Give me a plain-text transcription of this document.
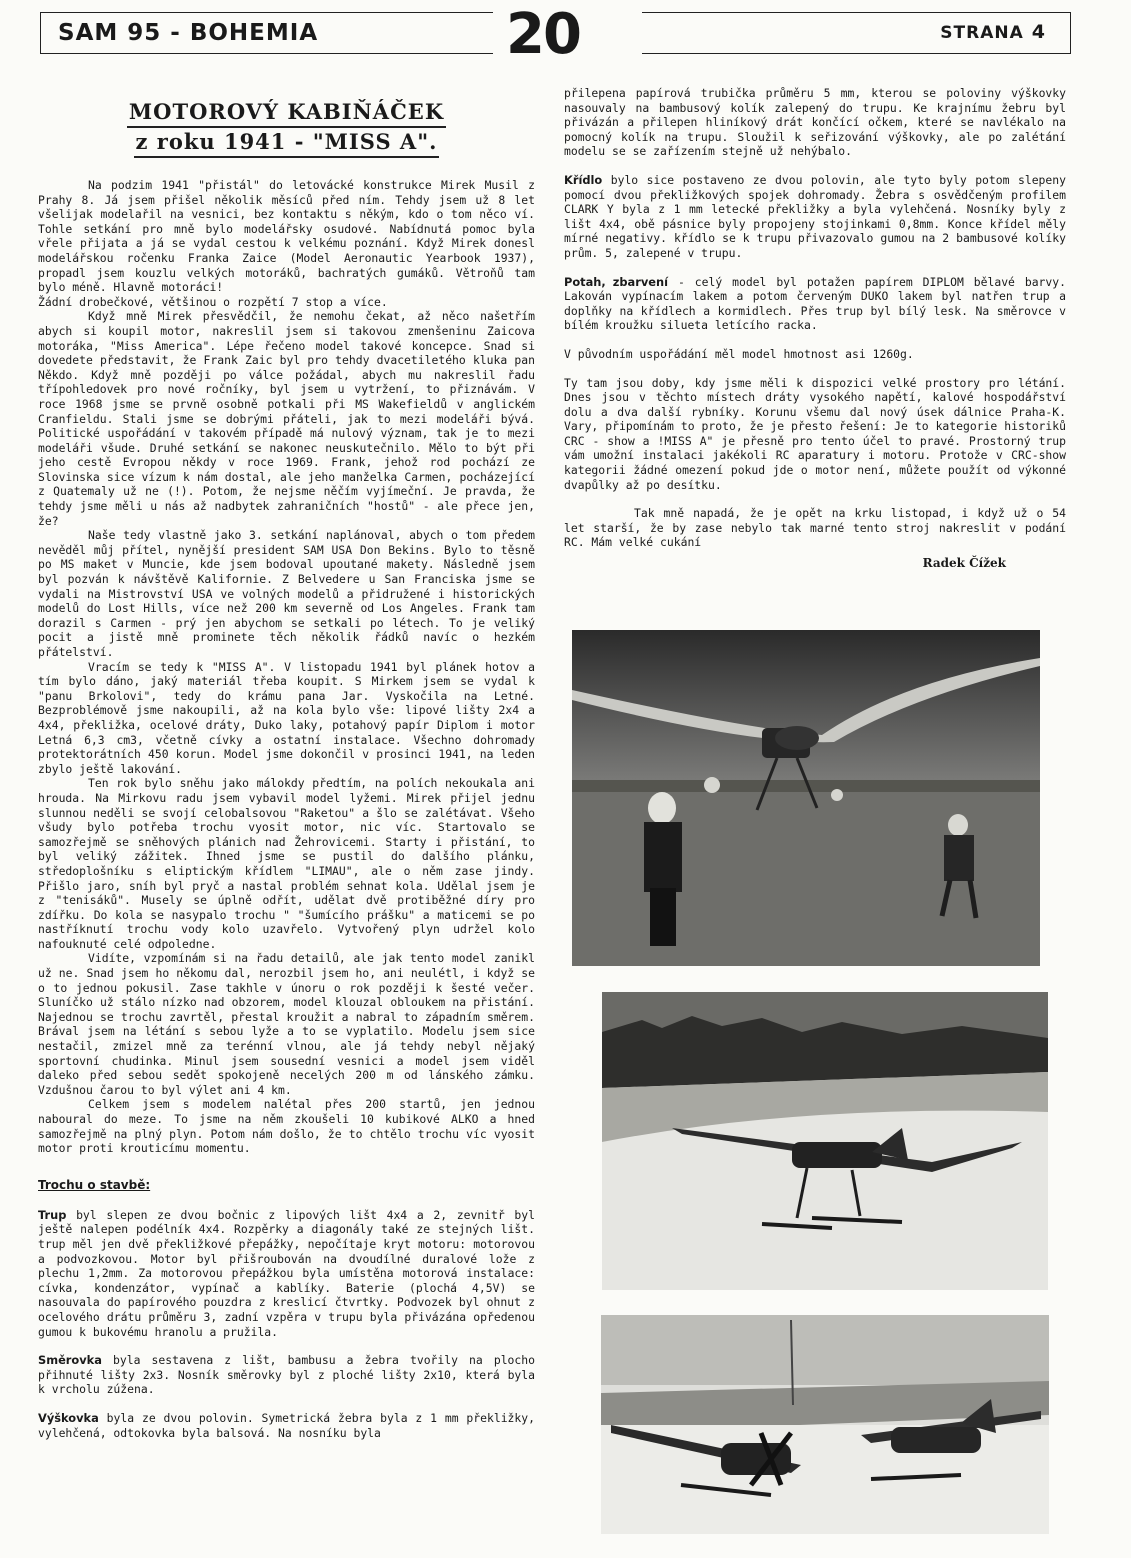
SAM 95 - BOHEMIA	20	STRANA 4
MOTOROVÝ KABIŇÁČEK
z roku 1941 - "MISS A".

Na podzim 1941 "přistál" do letovácké konstrukce Mirek Musil z Prahy 8. Já jsem přišel několik měsíců před ním. Tehdy jsem už 8 let všelijak modelařil na vesnici, bez kontaktu s někým, kdo o tom něco ví. Tohle setkání pro mně bylo modelářsky osudové. Nabídnutá pomoc byla vřele přijata a já se vydal cestou k velkému poznání. Když Mirek donesl modelářskou ročenku Franka Zaice (Model Aeronautic Yearbook 1937), propadl jsem kouzlu velkých motoráků, bachratých gumáků. Větroňů tam bylo méně. Hlavně motoráci!

Žádní drobečkové, většinou o rozpětí 7 stop a více.

Když mně Mirek přesvědčil, že nemohu čekat, až něco našetřím abych si koupil motor, nakreslil jsem si takovou zmenšeninu Zaicova motoráka, "Miss America". Lépe řečeno model takové koncepce. Snad si dovedete představit, že Frank Zaic byl pro tehdy dvacetiletého kluka pan Někdo. Když mně později po válce požádal, abych mu nakreslil řadu třípohledovek pro nové ročníky, byl jsem u vytržení, to přiznávám. V roce 1968 jsme se prvně osobně potkali při MS Wakefieldů v anglickém Cranfieldu. Stali jsme se dobrými přáteli, jak to mezi modeláři bývá. Politické uspořádání v takovém případě má nulový význam, tak je to mezi modeláři všude. Druhé setkání se nakonec neuskutečnilo. Mělo to být při jeho cestě Evropou někdy v roce 1969. Frank, jehož rod pochází ze Slovinska sice vízum k nám dostal, ale jeho manželka Carmen, pocházející z Quatemaly už ne (!). Potom, že nejsme něčím vyjímeční. Je pravda, že tehdy jsme měli u nás až nadbytek zahraničních "hostů" - ale přece jen, že?

Naše tedy vlastně jako 3. setkání naplánoval, abych o tom předem nevěděl můj přítel, nynější president SAM USA Don Bekins. Bylo to těsně po MS maket v Muncie, kde jsem bodoval upoutané makety. Následně jsem byl pozván k návštěvě Kalifornie. Z Belvedere u San Franciska jsme se vydali na Mistrovství USA ve volných modelů a přidružené i historických modelů do Lost Hills, více než 200 km severně od Los Angeles. Frank tam dorazil s Carmen - prý jen abychom se setkali po létech. To je veliký pocit a jistě mně prominete těch několik řádků navíc o hezkém přátelství.

Vracím se tedy k "MISS A". V listopadu 1941 byl plánek hotov a tím bylo dáno, jaký materiál třeba koupit. S Mirkem jsem se vydal k "panu Brkolovi", tedy do krámu pana Jar. Vyskočila na Letné. Bezproblémově jsme nakoupili, až na kola bylo vše: lipové lišty 2x4 a 4x4, překližka, ocelové dráty, Duko laky, potahový papír Diplom i motor Letná 6,3 cm3, včetně cívky a ostatní instalace. Všechno dohromady protektorátních 450 korun. Model jsme dokončil v prosinci 1941, na leden zbylo ještě lakování.

Ten rok bylo sněhu jako málokdy předtím, na polích nekoukala ani hrouda. Na Mirkovu radu jsem vybavil model lyžemi. Mirek přijel jednu slunnou neděli se svojí celobalsovou "Raketou" a šlo se zalétávat. Všeho všudy bylo potřeba trochu vyosit motor, nic víc. Startovalo se samozřejmě se sněhových plánich nad Žehrovicemi. Starty i přistání, to byl veliký zážitek. Ihned jsme se pustil do dalšího plánku, středoplošníku s eliptickým křídlem "LIMAU", ale o něm zase jindy. Přišlo jaro, sníh byl pryč a nastal problém sehnat kola. Udělal jsem je z "tenisáků". Musely se úplně odřít, udělat dvě protiběžné díry pro zdířku. Do kola se nasypalo trochu " "šumícího prášku" a maticemi se po nastříknutí trochu vody kolo uzavřelo. Vytvořený plyn udržel kolo nafouknuté celé odpoledne.

Vidíte, vzpomínám si na řadu detailů, ale jak tento model zanikl už ne. Snad jsem ho někomu dal, nerozbil jsem ho, ani neulétl, i když se o to jednou pokusil. Zase takhle v únoru o rok později k šesté večer. Sluníčko už stálo nízko nad obzorem, model klouzal obloukem na přistání. Najednou se trochu zavrtěl, přestal kroužit a nabral to západním směrem. Brával jsem na létání s sebou lyže a to se vyplatilo. Modelu jsem sice nestačil, zmizel mně za terénní vlnou, ale já tehdy nebyl nějaký sportovní chudinka. Minul jsem sousední vesnici a model jsem viděl daleko před sebou sedět spokojeně necelých 200 m od lánského zámku. Vzdušnou čarou to byl výlet ani 4 km.

Celkem jsem s modelem nalétal přes 200 startů, jen jednou naboural do meze. To jsme na něm zkoušeli 10 kubikové ALKO a hned samozřejmě na plný plyn. Potom nám došlo, že to chtělo trochu víc vyosit motor proti krouticímu momentu.

Trochu o stavbě:

Trup byl slepen ze dvou bočnic z lipových lišt 4x4 a 2, zevnitř byl ještě nalepen podélník 4x4. Rozpěrky a diagonály také ze stejných lišt. trup měl jen dvě překližkové přepážky, nepočítaje kryt motoru: motorovou a podvozkovou. Motor byl přišroubován na dvoudílné duralové lože z plechu 1,2mm. Za motorovou přepážkou byla umístěna motorová instalace: cívka, kondenzátor, vypínač a kablíky. Baterie (plochá 4,5V) se nasouvala do papírového pouzdra z kreslicí čtvrtky. Podvozek byl ohnut z ocelového drátu průměru 3, zadní vzpěra v trupu byla přivázána opředenou gumou k bukovému hranolu a pružila.

Směrovka byla sestavena z lišt, bambusu a žebra tvořily na plocho přihnuté lišty 2x3. Nosník směrovky byl z ploché lišty 2x10, která byla k vrcholu zúžena.

Výškovka byla ze dvou polovin. Symetrická žebra byla z 1 mm překližky, vylehčená, odtokovka byla balsová. Na nosníku byla

přilepena papírová trubička průměru 5 mm, kterou se poloviny výškovky nasouvaly na bambusový kolík zalepený do trupu. Ke krajnímu žebru byl přivázán a přilepen hliníkový drát končící očkem, které se navlékalo na pomocný kolík na trupu. Sloužil k seřizování výškovky, ale po zalétání modelu se se zařízením stejně už nehýbalo.

Křídlo bylo sice postaveno ze dvou polovin, ale tyto byly potom slepeny pomocí dvou překližkových spojek dohromady. Žebra s osvědčeným profilem CLARK Y byla z 1 mm letecké překližky a byla vylehčená. Nosníky byly z lišt 4x4, obě pásnice byly propojeny stojinkami 0,8mm. Konce křídel měly mírné negativy. křídlo se k trupu přivazovalo gumou na 2 bambusové kolíky prům. 5, zalepené v trupu.

Potah, zbarvení - celý model byl potažen papírem DIPLOM bělavé barvy. Lakován vypínacím lakem a potom červeným DUKO lakem byl natřen trup a doplňky na křídlech a kormidlech. Přes trup byl bílý lesk. Na směrovce v bílém kroužku silueta letícího racka.

V původním uspořádání měl model hmotnost asi 1260g.

Ty tam jsou doby, kdy jsme měli k dispozici velké prostory pro létání. Dnes jsou v těchto místech dráty vysokého napětí, kalové hospodářství dolu a dva další rybníky. Korunu všemu dal nový úsek dálnice Praha-K. Vary, připomínám to proto, že je přesto řešení: Je to kategorie historiků CRC - show a !MISS A" je přesně pro tento účel to pravé. Prostorný trup vám umožní instalaci jakékoli RC aparatury i motoru. Protože v CRC-show kategorii žádné omezení pokud jde o motor není, můžete použít od výkonné dvapůlky až po desítku.

Tak mně napadá, že je opět na krku listopad, i když už o 54 let starší, že by zase nebylo tak marné tento stroj nakreslit v podání RC. Mám velké cukání

Radek Čížek
